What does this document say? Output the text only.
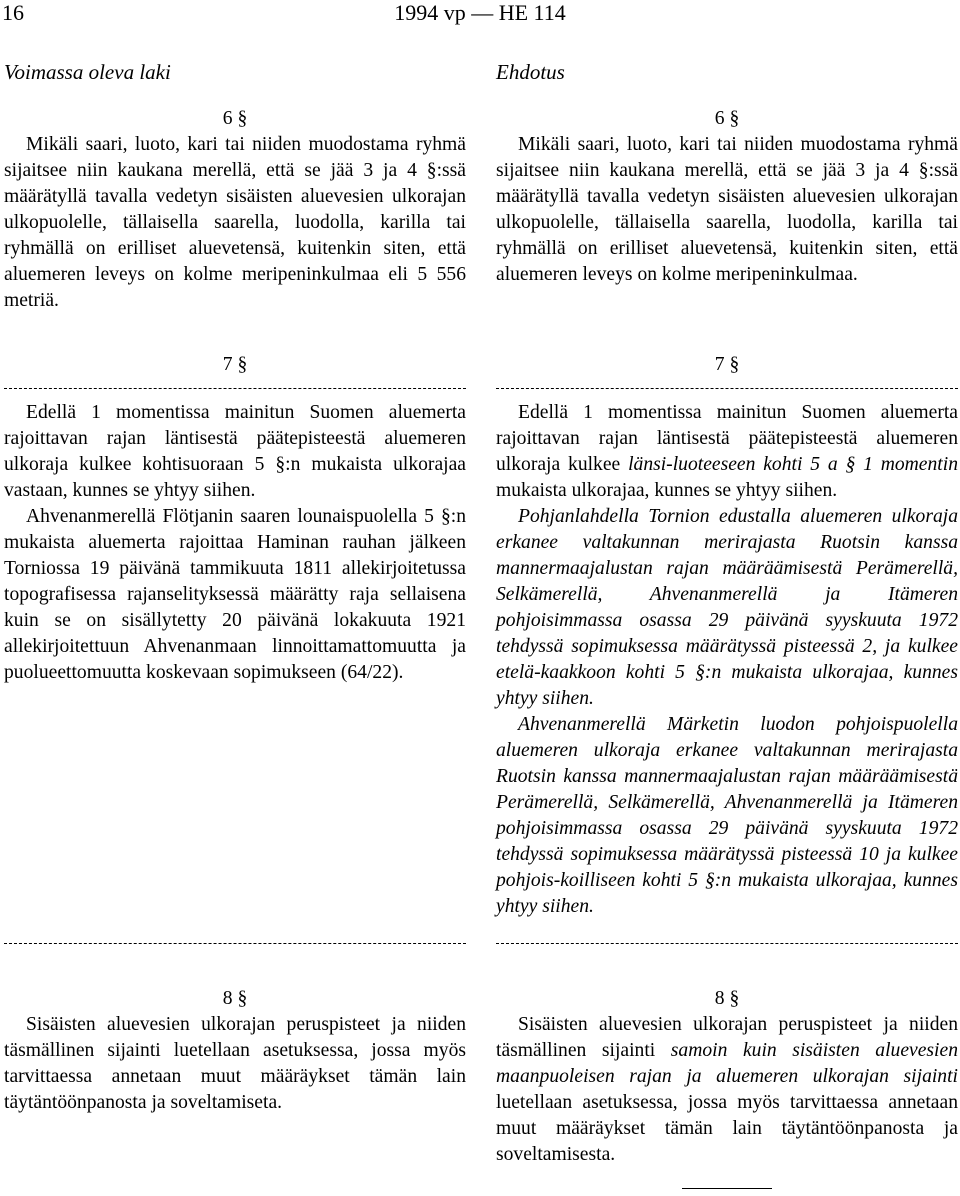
16	1994 vp — HE 114
Voimassa oleva laki
6 §

Mikäli saari, luoto, kari tai niiden muodostama ryhmä sijaitsee niin kaukana merellä, että se jää 3 ja 4 §:ssä määrätyllä tavalla vedetyn sisäisten aluevesien ulkorajan ulkopuolelle, tällaisella saarella, luodolla, karilla tai ryhmällä on erilliset aluevetensä, kuitenkin siten, että aluemeren leveys on kolme meripeninkulmaa eli 5 556 metriä.

7 §

Edellä 1 momentissa mainitun Suomen aluemerta rajoittavan rajan läntisestä päätepisteestä aluemeren ulkoraja kulkee kohtisuoraan 5 §:n mukaista ulkorajaa vastaan, kunnes se yhtyy siihen.

Ahvenanmerellä Flötjanin saaren lounaispuolella 5 §:n mukaista aluemerta rajoittaa Haminan rauhan jälkeen Torniossa 19 päivänä tammikuuta 1811 allekirjoitetussa topografisessa rajanselityksessä määrätty raja sellaisena kuin se on sisällytetty 20 päivänä lokakuuta 1921 allekirjoitettuun Ahvenanmaan linnoittamattomuutta ja puolueettomuutta koskevaan sopimukseen (64/22).

8 §

Sisäisten aluevesien ulkorajan peruspisteet ja niiden täsmällinen sijainti luetellaan asetuksessa, jossa myös tarvittaessa annetaan muut määräykset tämän lain täytäntöönpanosta ja soveltamiseta.

Ehdotus
6 §

Mikäli saari, luoto, kari tai niiden muodostama ryhmä sijaitsee niin kaukana merellä, että se jää 3 ja 4 §:ssä määrätyllä tavalla vedetyn sisäisten aluevesien ulkorajan ulkopuolelle, tällaisella saarella, luodolla, karilla tai ryhmällä on erilliset aluevetensä, kuitenkin siten, että aluemeren leveys on kolme meripeninkulmaa.

7 §

Edellä 1 momentissa mainitun Suomen aluemerta rajoittavan rajan läntisestä päätepisteestä aluemeren ulkoraja kulkee länsi-luoteeseen kohti 5 a § 1 momentin mukaista ulkorajaa, kunnes se yhtyy siihen.

Pohjanlahdella Tornion edustalla aluemeren ulkoraja erkanee valtakunnan merirajasta Ruotsin kanssa mannermaajalustan rajan määräämisestä Perämerellä, Selkämerellä, Ahvenanmerellä ja Itämeren pohjoisimmassa osassa 29 päivänä syyskuuta 1972 tehdyssä sopimuksessa määrätyssä pisteessä 2, ja kulkee etelä-kaakkoon kohti 5 §:n mukaista ulkorajaa, kunnes yhtyy siihen.

Ahvenanmerellä Märketin luodon pohjoispuolella aluemeren ulkoraja erkanee valtakunnan merirajasta Ruotsin kanssa mannermaajalustan rajan määräämisestä Perämerellä, Selkämerellä, Ahvenanmerellä ja Itämeren pohjoisimmassa osassa 29 päivänä syyskuuta 1972 tehdyssä sopimuksessa määrätyssä pisteessä 10 ja kulkee pohjois-koilliseen kohti 5 §:n mukaista ulkorajaa, kunnes yhtyy siihen.

8 §

Sisäisten aluevesien ulkorajan peruspisteet ja niiden täsmällinen sijainti samoin kuin sisäisten aluevesien maanpuoleisen rajan ja aluemeren ulkorajan sijainti luetellaan asetuksessa, jossa myös tarvittaessa annetaan muut määräykset tämän lain täytäntöönpanosta ja soveltamisesta.
